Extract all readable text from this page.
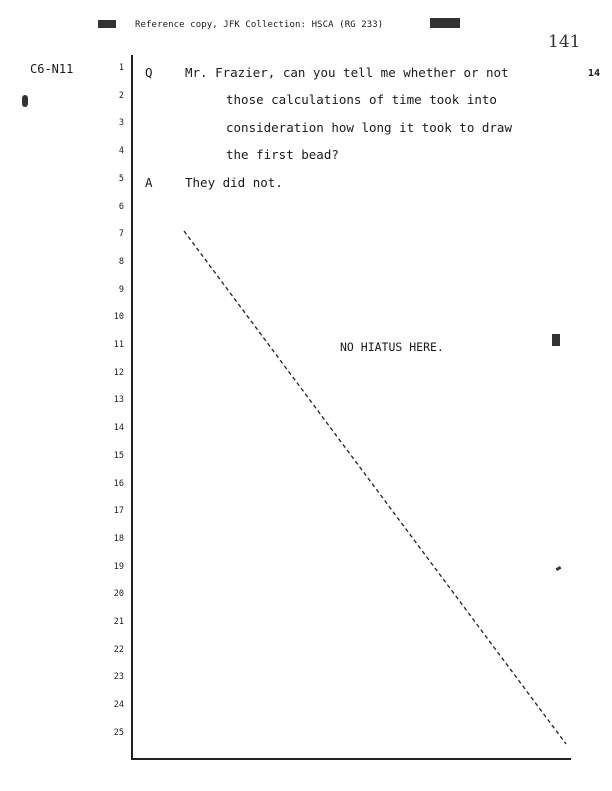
Reference copy, JFK Collection: HSCA (RG 233)
141
C6-N11	14
1
2
3
4
5
6
7
8
9
10
11
12
13
14
15
16
17
18
19
20
21
22
23
24
25
Q	Mr. Frazier, can you tell me whether or not
those calculations of time took into
consideration how long it took to draw
the first bead?
A	They did not.
NO HIATUS HERE.
